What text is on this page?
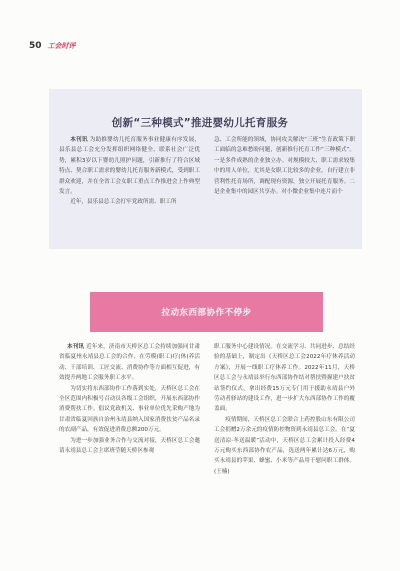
50 工会时评
创新“三种模式”推进婴幼儿托育服务

本刊讯 为助推婴幼儿托育服务事业健康有序发展，县乐县总工会充分发挥组织网络健全、联系社会广泛优势，累积3岁以下婴幼儿照护问题，引新推行了符合区域特点、契合职工需求的婴幼儿托育服务新模式，受到职工群众欢迎，并在全省工会女职工重点工作推进会上作典型发言。

近年，县乐县总工会打牢党政所需、职工所

急、工会所能的领域，协同攻关解决“三班”生育政策下职工面临的急难愁盼问题，创新推行托育工作“三种模式”。一是多件成熟的企业独立办。对规模较大、职工需求较集中的用人单位，尤其是女职工比较多的企业，自行建立非营利性托育场所，调配现有资源，独立开展托育服务。二是企业集中的园区共享办。对小微企业集中连片而个

拉动东西部协作不停步

本刊讯 近年来，济南市天桥区总工会持续加强同甘肃省临夏州永靖县总工会的合作，在劳模(职工)疗(休)养活动、干部培训、工匠交流、消费协作等方面相互促进，有效提升两地工会服务职工水平。

为切实将东西部协作工作落到实处，天桥区总工会在全区范围内积极号召动员各级工会组织，开展东西部协作消费帮扶工作。倡议党政机关、事业单位优先采购产地为甘肃省临夏回族自治州永靖县纳入国家消费扶贫产品名录的农副产品，有效促进消费总额200万元。

为进一步加强业务合作与交流对接，天桥区总工会邀请永靖县总工会主席班莹随天桥区参观

职工服务中心建设情况。在交流学习、共同进步、总结经验的基础上，制定出《天桥区总工会2022年疗休养活动方案》，开展一线职工疗休养工作。2022年11月，天桥区总工会与永靖县举行东西部协作结对帮扶暨握建户扶贫站签约仪式，拿出经费15万元专门用于援助永靖县户外劳动者驿站的建设工作，进一步扩大东西部协作工作的覆盖面。

疫情期间，天桥区总工会联合上药控股山东有限公司工会捐赠2万余元的疫情防控物资到永靖县总工会。在“夏送清凉·冬送温暖”活动中，天桥区总工会累计投入经费4万元购买东西部协作农产品，选送两年累计达6万元，购买永靖县的苹果、蜂蜜、小米等产品用于慰问职工群体。(王楠)
